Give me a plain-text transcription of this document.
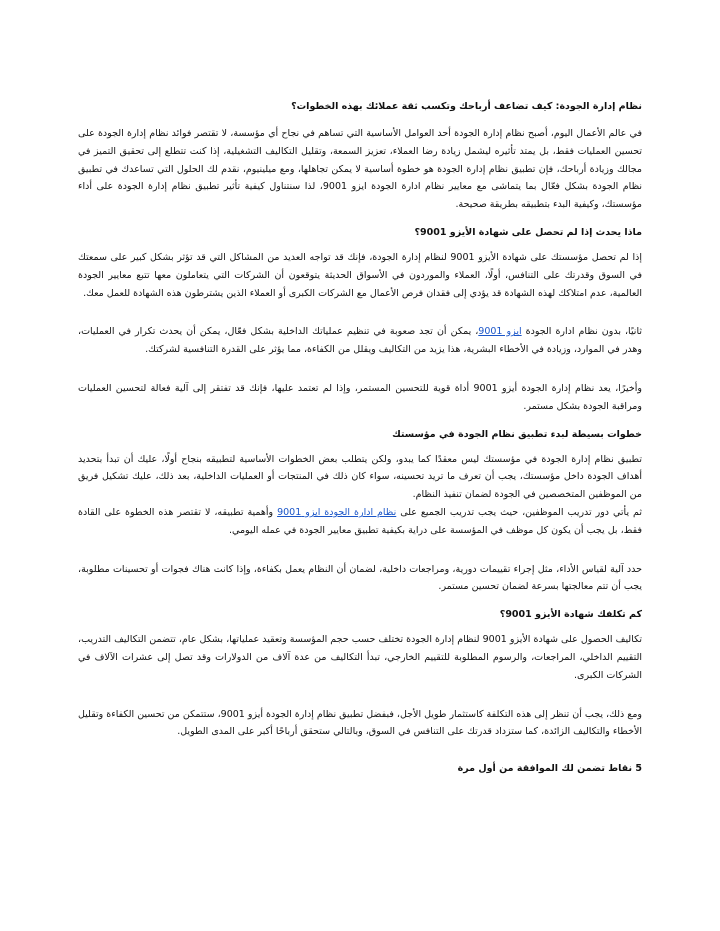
نظام إدارة الجودة: كيف تضاعف أرباحك وتكسب ثقة عملائك بهذه الخطوات؟

في عالم الأعمال اليوم، أصبح نظام إدارة الجودة أحد العوامل الأساسية التي تساهم في نجاح أي مؤسسة، لا تقتصر فوائد نظام إدارة الجودة على تحسين العمليات فقط، بل يمتد تأثيره ليشمل زيادة رضا العملاء، تعزيز السمعة، وتقليل التكاليف التشغيلية، إذا كنت تتطلع إلى تحقيق التميز في مجالك وزيادة أرباحك، فإن تطبيق نظام إدارة الجودة هو خطوة أساسية لا يمكن تجاهلها، ومع ميلينيوم، نقدم لك الحلول التي تساعدك في تطبيق نظام الجودة بشكل فعّال بما يتماشى مع معايير نظام ادارة الجودة ايزو 9001، لذا سنتناول كيفية تأثير تطبيق نظام إدارة الجودة على أداء مؤسستك، وكيفية البدء بتطبيقه بطريقة صحيحة.

ماذا يحدث إذا لم تحصل على شهادة الأيزو 9001؟

إذا لم تحصل مؤسستك على شهادة الأيزو 9001 لنظام إدارة الجودة، فإنك قد تواجه العديد من المشاكل التي قد تؤثر بشكل كبير على سمعتك في السوق وقدرتك على التنافس، أولًا، العملاء والموردون في الأسواق الحديثة يتوقعون أن الشركات التي يتعاملون معها تتبع معايير الجودة العالمية، عدم امتلاكك لهذه الشهادة قد يؤدي إلى فقدان فرص الأعمال مع الشركات الكبرى أو العملاء الذين يشترطون هذه الشهادة للعمل معك.

ثانيًا، بدون نظام ادارة الجودة ايزو 9001، يمكن أن تجد صعوبة في تنظيم عملياتك الداخلية بشكل فعّال، يمكن أن يحدث تكرار في العمليات، وهدر في الموارد، وزيادة في الأخطاء البشرية، هذا يزيد من التكاليف ويقلل من الكفاءة، مما يؤثر على القدرة التنافسية لشركتك.

وأخيرًا، يعد نظام إدارة الجودة أيزو 9001 أداة قوية للتحسين المستمر، وإذا لم تعتمد عليها، فإنك قد تفتقر إلى آلية فعالة لتحسين العمليات ومراقبة الجودة بشكل مستمر.

خطوات بسيطة لبدء تطبيق نظام الجودة في مؤسستك

تطبيق نظام إدارة الجودة في مؤسستك ليس معقدًا كما يبدو، ولكن يتطلب بعض الخطوات الأساسية لتطبيقه بنجاح أولًا، عليك أن تبدأ بتحديد أهداف الجودة داخل مؤسستك، يجب أن تعرف ما تريد تحسينه، سواء كان ذلك في المنتجات أو العمليات الداخلية، بعد ذلك، عليك تشكيل فريق من الموظفين المتخصصين في الجودة لضمان تنفيذ النظام.

ثم يأتي دور تدريب الموظفين، حيث يجب تدريب الجميع على نظام ادارة الجودة ايزو 9001 وأهمية تطبيقه، لا تقتصر هذه الخطوة على القادة فقط، بل يجب أن يكون كل موظف في المؤسسة على دراية بكيفية تطبيق معايير الجودة في عمله اليومي.

حدد آلية لقياس الأداء، مثل إجراء تقييمات دورية، ومراجعات داخلية، لضمان أن النظام يعمل بكفاءة، وإذا كانت هناك فجوات أو تحسينات مطلوبة، يجب أن تتم معالجتها بسرعة لضمان تحسين مستمر.

كم تكلفك شهادة الأيزو 9001؟

تكاليف الحصول على شهادة الأيزو 9001 لنظام إدارة الجودة تختلف حسب حجم المؤسسة وتعقيد عملياتها، بشكل عام، تتضمن التكاليف التدريب، التقييم الداخلي، المراجعات، والرسوم المطلوبة للتقييم الخارجي، تبدأ التكاليف من عدة آلاف من الدولارات وقد تصل إلى عشرات الآلاف في الشركات الكبرى.

ومع ذلك، يجب أن تنظر إلى هذه التكلفة كاستثمار طويل الأجل، فبفضل تطبيق نظام إدارة الجودة أيزو 9001، ستتمكن من تحسين الكفاءة وتقليل الأخطاء والتكاليف الزائدة، كما ستزداد قدرتك على التنافس في السوق، وبالتالي ستحقق أرباحًا أكبر على المدى الطويل.

5 نقاط تضمن لك الموافقة من أول مرة
